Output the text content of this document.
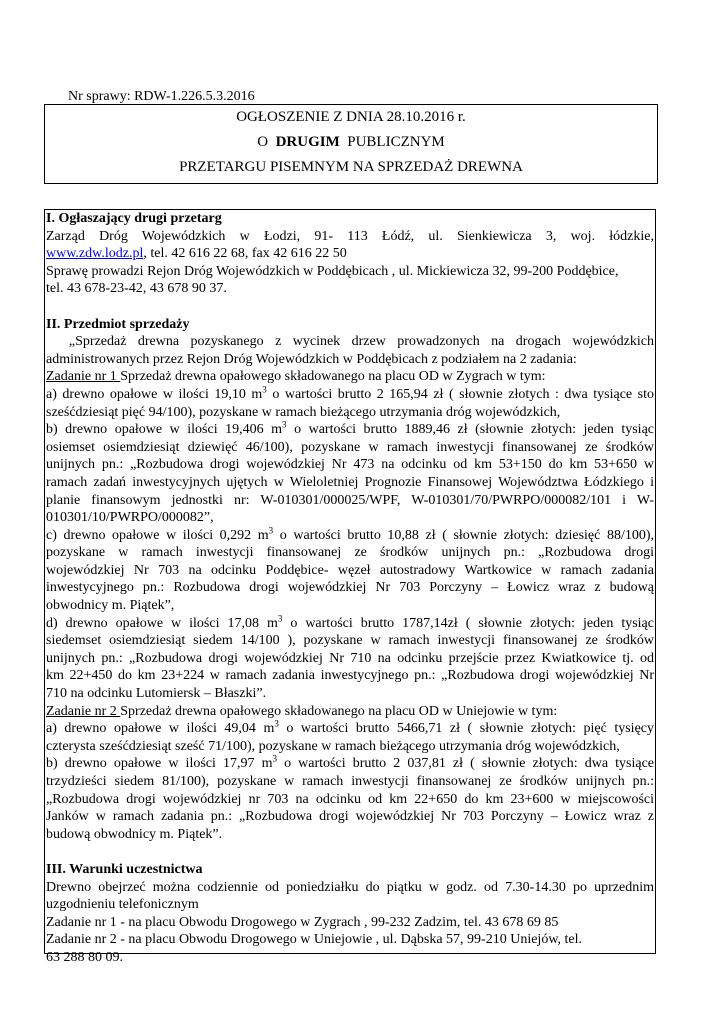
Nr sprawy: RDW-1.226.5.3.2016
OGŁOSZENIE Z DNIA 28.10.2016 r.
O  DRUGIM  PUBLICZNYM
PRZETARGU PISEMNYM NA SPRZEDAŻ DREWNA

I. Ogłaszający drugi przetarg

Zarząd Dróg Wojewódzkich w Łodzi, 91- 113 Łódź, ul. Sienkiewicza 3, woj. łódzkie,

www.zdw.lodz.pl, tel. 42 616 22 68, fax 42 616 22 50

Sprawę prowadzi Rejon Dróg Wojewódzkich w Poddębicach , ul. Mickiewicza 32, 99-200 Poddębice,

tel. 43 678-23-42, 43 678 90 37.

II. Przedmiot sprzedaży

„Sprzedaż drewna pozyskanego z wycinek drzew prowadzonych na drogach wojewódzkich

administrowanych przez Rejon Dróg Wojewódzkich w Poddębicach z podziałem na 2 zadania:

Zadanie nr 1 Sprzedaż drewna opałowego składowanego na placu OD w Zygrach w tym:

a) drewno opałowe w ilości 19,10 $m^3$ o wartości brutto 2 165,94 zł ( słownie złotych : dwa tysiące sto

sześćdziesiąt pięć 94/100), pozyskane w ramach bieżącego utrzymania dróg wojewódzkich,

b) drewno opałowe w ilości 19,406 $m^3$ o wartości brutto 1889,46 zł (słownie złotych: jeden tysiąc

osiemset osiemdziesiąt dziewięć 46/100), pozyskane w ramach inwestycji finansowanej ze środków

unijnych pn.: „Rozbudowa drogi wojewódzkiej Nr 473 na odcinku od km 53+150 do km 53+650 w

ramach zadań inwestycyjnych ujętych w Wieloletniej Prognozie Finansowej Województwa Łódzkiego i

planie finansowym jednostki nr: W-010301/000025/WPF, W-010301/70/PWRPO/000082/101 i W-

010301/10/PWRPO/000082”,

c) drewno opałowe w ilości 0,292 $m^3$ o wartości brutto 10,88 zł ( słownie złotych: dziesięć 88/100),

pozyskane w ramach inwestycji finansowanej ze środków unijnych pn.: „Rozbudowa drogi

wojewódzkiej Nr 703 na odcinku Poddębice- węzeł autostradowy Wartkowice w ramach zadania

inwestycyjnego pn.: Rozbudowa drogi wojewódzkiej Nr 703 Porczyny – Łowicz wraz z budową

obwodnicy m. Piątek”,

d) drewno opałowe w ilości 17,08 $m^3$ o wartości brutto 1787,14zł ( słownie złotych: jeden tysiąc

siedemset osiemdziesiąt siedem 14/100 ), pozyskane w ramach inwestycji finansowanej ze środków

unijnych pn.: „Rozbudowa drogi wojewódzkiej Nr 710 na odcinku przejście przez Kwiatkowice tj. od

km 22+450 do km 23+224 w ramach zadania inwestycyjnego pn.: „Rozbudowa drogi wojewódzkiej Nr

710 na odcinku Lutomiersk – Błaszki”.

Zadanie nr 2 Sprzedaż drewna opałowego składowanego na placu OD w Uniejowie w tym:

a) drewno opałowe w ilości 49,04 $m^3$ o wartości brutto 5466,71 zł ( słownie złotych: pięć tysięcy

czterysta sześćdziesiąt sześć 71/100), pozyskane w ramach bieżącego utrzymania dróg wojewódzkich,

b) drewno opałowe w ilości 17,97 $m^3$ o wartości brutto 2 037,81 zł ( słownie złotych: dwa tysiące

trzydzieści siedem 81/100), pozyskane w ramach inwestycji finansowanej ze środków unijnych pn.:

„Rozbudowa drogi wojewódzkiej nr 703 na odcinku od km 22+650 do km 23+600 w miejscowości

Janków w ramach zadania pn.: „Rozbudowa drogi wojewódzkiej Nr 703 Porczyny – Łowicz wraz z

budową obwodnicy m. Piątek”.

III. Warunki uczestnictwa

Drewno obejrzeć można codziennie od poniedziałku do piątku w godz. od 7.30-14.30 po uprzednim

uzgodnieniu telefonicznym

Zadanie nr 1 - na placu Obwodu Drogowego w Zygrach , 99-232 Zadzim, tel. 43 678 69 85

Zadanie nr 2 - na placu Obwodu Drogowego w Uniejowie , ul. Dąbska 57, 99-210 Uniejów, tel.

63 288 80 09.
